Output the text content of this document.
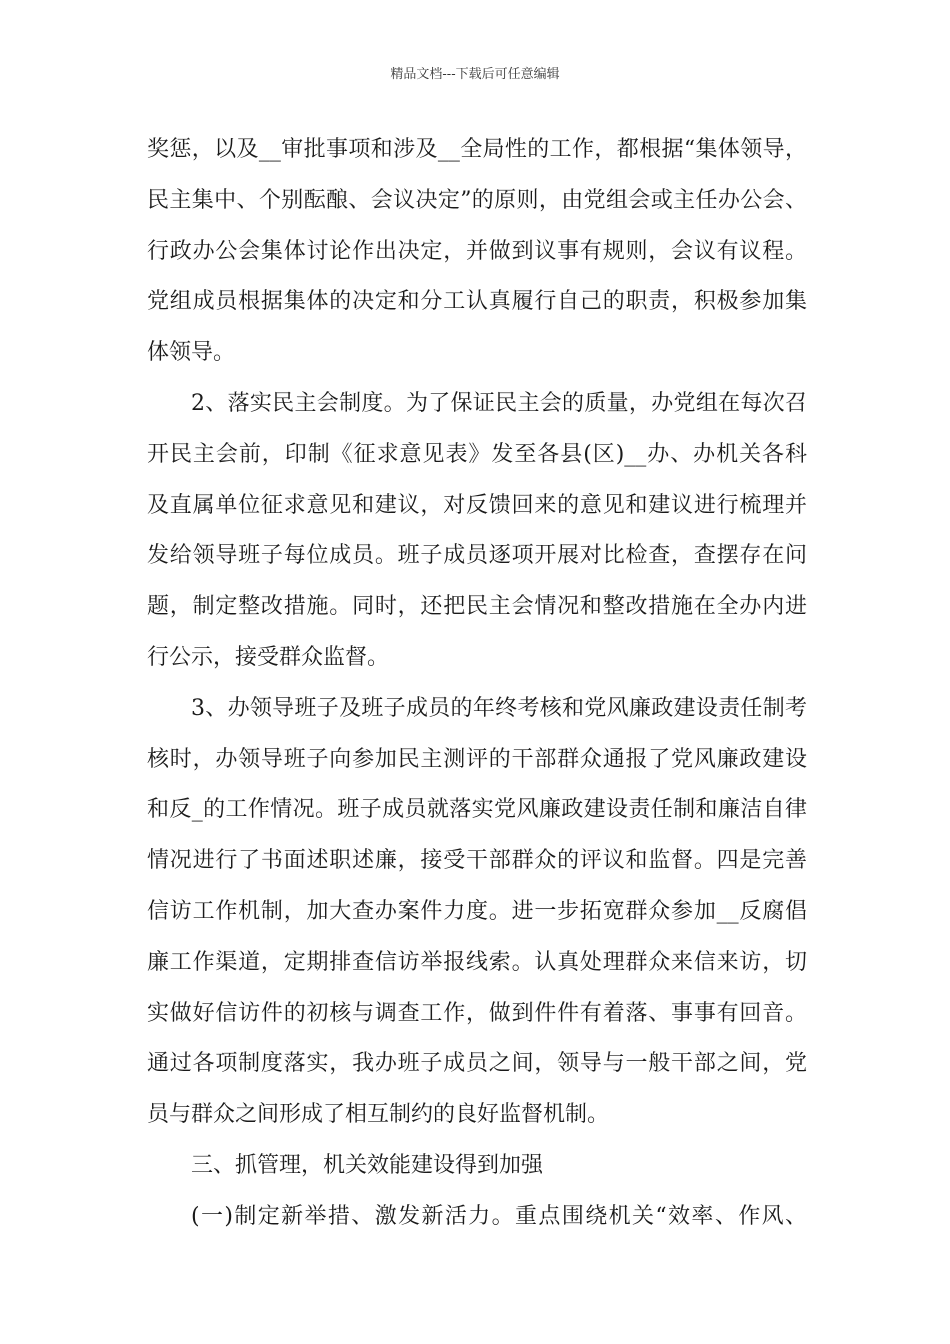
精品文档---下载后可任意编辑
奖惩，以及__审批事项和涉及__全局性的工作，都根据“集体领导，
民主集中、个别酝酿、会议决定”的原则，由党组会或主任办公会、
行政办公会集体讨论作出决定，并做到议事有规则，会议有议程。
党组成员根据集体的决定和分工认真履行自己的职责，积极参加集
体领导。
2、落实民主会制度。为了保证民主会的质量，办党组在每次召
开民主会前，印制《征求意见表》发至各县(区)__办、办机关各科
及直属单位征求意见和建议，对反馈回来的意见和建议进行梳理并
发给领导班子每位成员。班子成员逐项开展对比检查，查摆存在问
题，制定整改措施。同时，还把民主会情况和整改措施在全办内进
行公示，接受群众监督。
3、办领导班子及班子成员的年终考核和党风廉政建设责任制考
核时，办领导班子向参加民主测评的干部群众通报了党风廉政建设
和反_的工作情况。班子成员就落实党风廉政建设责任制和廉洁自律
情况进行了书面述职述廉，接受干部群众的评议和监督。四是完善
信访工作机制，加大查办案件力度。进一步拓宽群众参加__反腐倡
廉工作渠道，定期排查信访举报线索。认真处理群众来信来访，切
实做好信访件的初核与调查工作，做到件件有着落、事事有回音。
通过各项制度落实，我办班子成员之间，领导与一般干部之间，党
员与群众之间形成了相互制约的良好监督机制。
三、抓管理，机关效能建设得到加强
(一)制定新举措、激发新活力。重点围绕机关“效率、作风、
